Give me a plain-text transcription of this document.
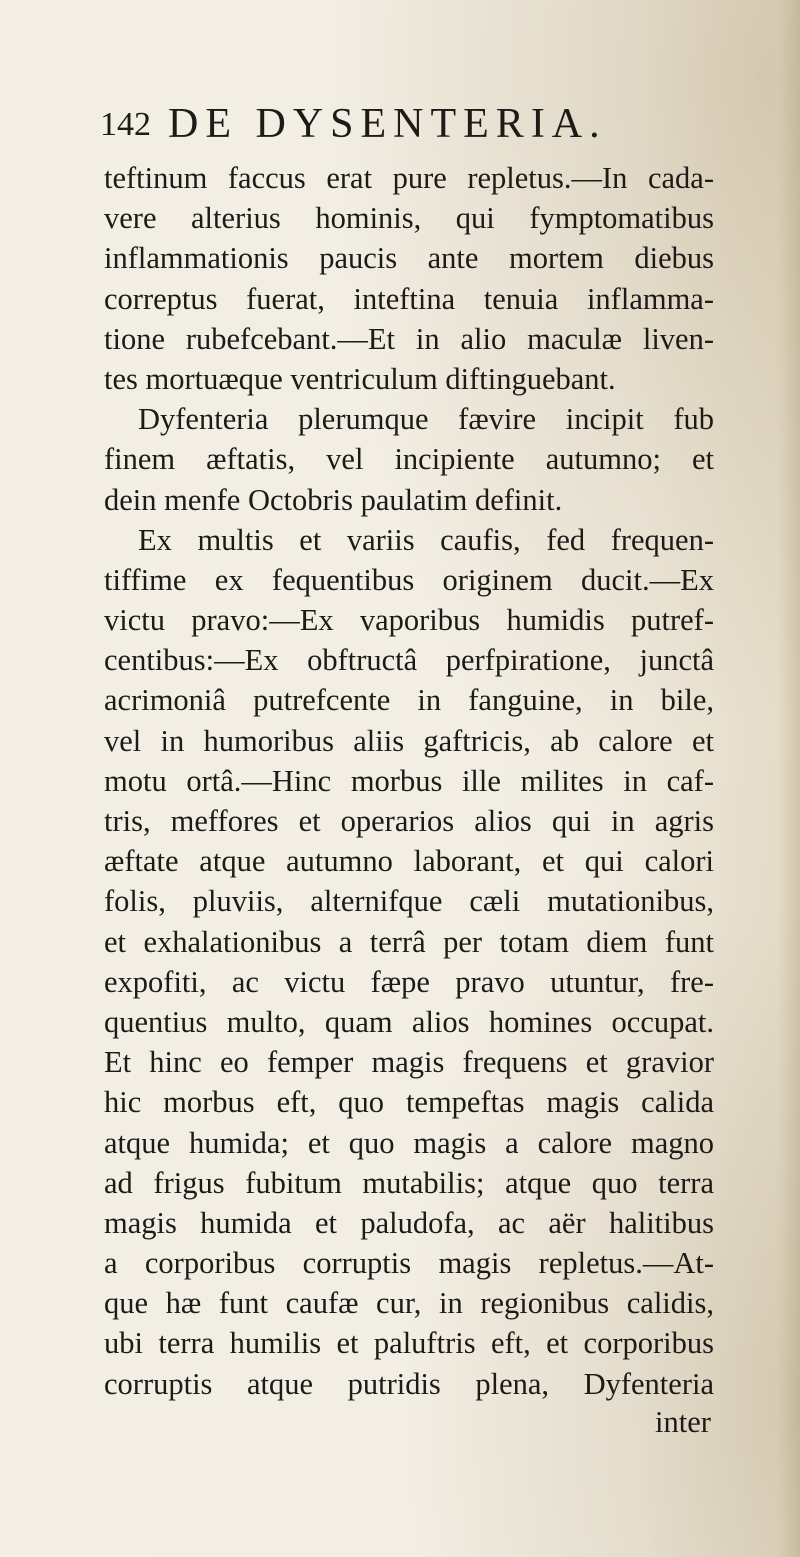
142 DE DYSENTERIA.
teftinum faccus erat pure repletus.—In cada-
vere alterius hominis, qui fymptomatibus
inflammationis paucis ante mortem diebus
correptus fuerat, inteftina tenuia inflamma-
tione rubefcebant.—Et in alio maculæ liven-
tes mortuæque ventriculum diftinguebant.
Dyfenteria plerumque fævire incipit fub
finem æftatis, vel incipiente autumno; et
dein menfe Octobris paulatim definit.
Ex multis et variis caufis, fed frequen-
tiffime ex fequentibus originem ducit.—Ex
victu pravo:—Ex vaporibus humidis putref-
centibus:—Ex obftructâ perfpiratione, junctâ
acrimoniâ putrefcente in fanguine, in bile,
vel in humoribus aliis gaftricis, ab calore et
motu ortâ.—Hinc morbus ille milites in caf-
tris, meffores et operarios alios qui in agris
æftate atque autumno laborant, et qui calori
folis, pluviis, alternifque cæli mutationibus,
et exhalationibus a terrâ per totam diem funt
expofiti, ac victu fæpe pravo utuntur, fre-
quentius multo, quam alios homines occupat.
Et hinc eo femper magis frequens et gravior
hic morbus eft, quo tempeftas magis calida
atque humida; et quo magis a calore magno
ad frigus fubitum mutabilis; atque quo terra
magis humida et paludofa, ac aër halitibus
a corporibus corruptis magis repletus.—At-
que hæ funt caufæ cur, in regionibus calidis,
ubi terra humilis et paluftris eft, et corporibus
corruptis atque putridis plena, Dyfenteria
inter
